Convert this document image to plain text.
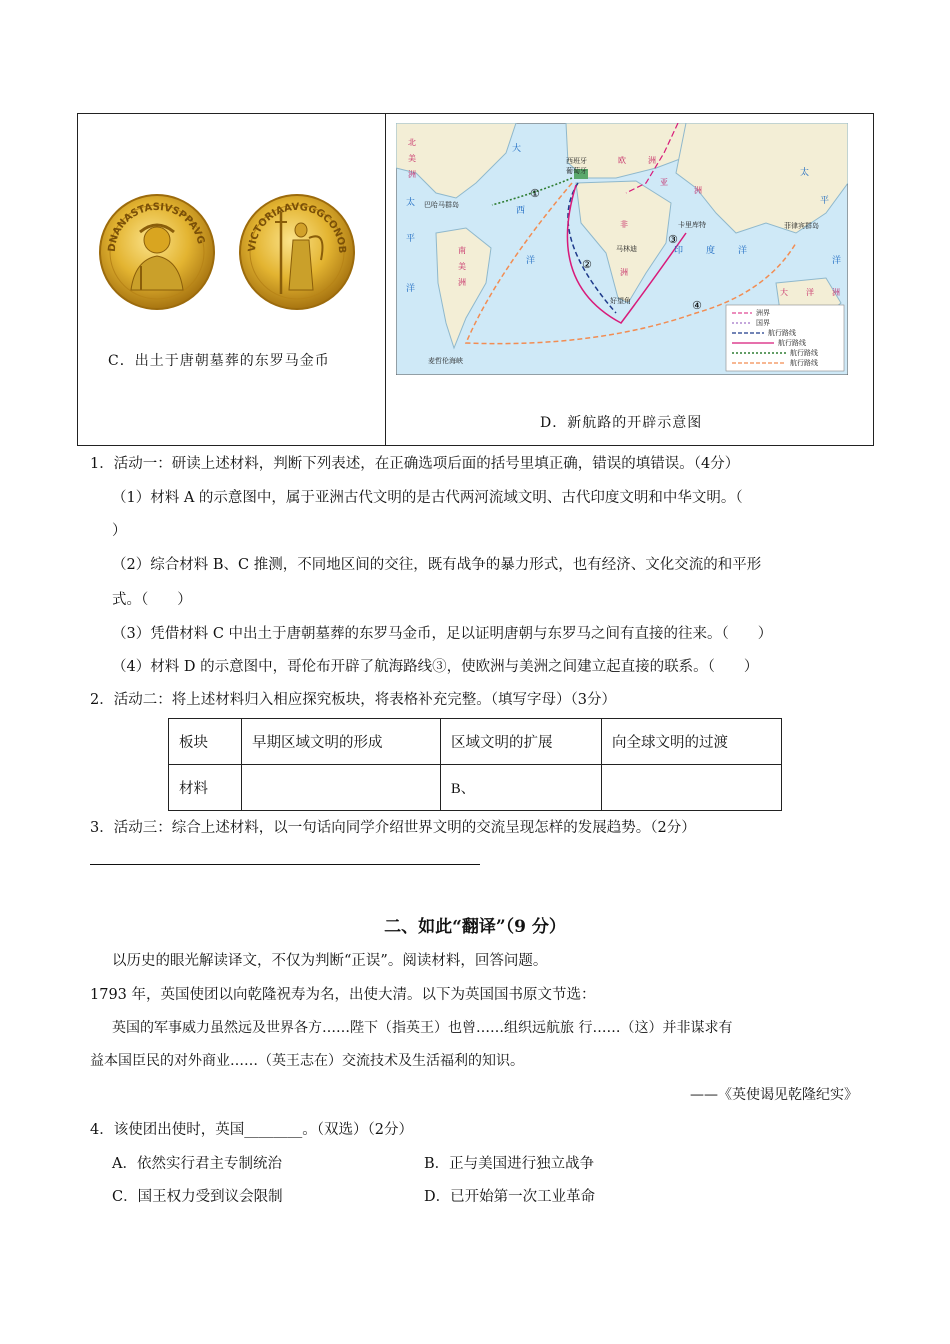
DNANASTASIVSPPAVG
VICTORIAAVGGGCONOB
C．出土于唐朝墓葬的东罗马金币
北
美
洲
欧	洲
亚
洲
非
洲
南
美
洲
大 洋 洲
太
平
洋
大
西
洋
印	度	洋
太
平
洋
西班牙
葡萄牙
巴哈马群岛
卡里库特
马林迪
好望角
菲律宾群岛
麦哲伦海峡
①
②
③
④
洲界
国界
航行路线
航行路线
航行路线
航行路线
D．新航路的开辟示意图
1．活动一：研读上述材料，判断下列表述，在正确选项后面的括号里填正确，错误的填错误。（4分）
（1）材料 A 的示意图中，属于亚洲古代文明的是古代两河流域文明、古代印度文明和中华文明。（
）
（2）综合材料 B、C 推测，不同地区间的交往，既有战争的暴力形式，也有经济、文化交流的和平形
式。（　　）
（3）凭借材料 C 中出土于唐朝墓葬的东罗马金币，足以证明唐朝与东罗马之间有直接的往来。（　　）
（4）材料 D 的示意图中，哥伦布开辟了航海路线③，使欧洲与美洲之间建立起直接的联系。（　　）
2．活动二：将上述材料归入相应探究板块，将表格补充完整。（填写字母）（3分）
板块	早期区域文明的形成	区域文明的扩展	向全球文明的过渡
材料		B、	
3．活动三：综合上述材料，以一句话向同学介绍世界文明的交流呈现怎样的发展趋势。（2分）
二、如此“翻译”（9 分）
以历史的眼光解读译文，不仅为判断“正误”。阅读材料，回答问题。
1793 年，英国使团以向乾隆祝寿为名，出使大清。以下为英国国书原文节选：
英国的军事威力虽然远及世界各方……陛下（指英王）也曾……组织远航旅 行……（这）并非谋求有
益本国臣民的对外商业……（英王志在）交流技术及生活福利的知识。
——《英使谒见乾隆纪实》
4．该使团出使时，英国________。（双选）（2分）
A．依然实行君主专制统治	B．正与美国进行独立战争
C．国王权力受到议会限制	D．已开始第一次工业革命
